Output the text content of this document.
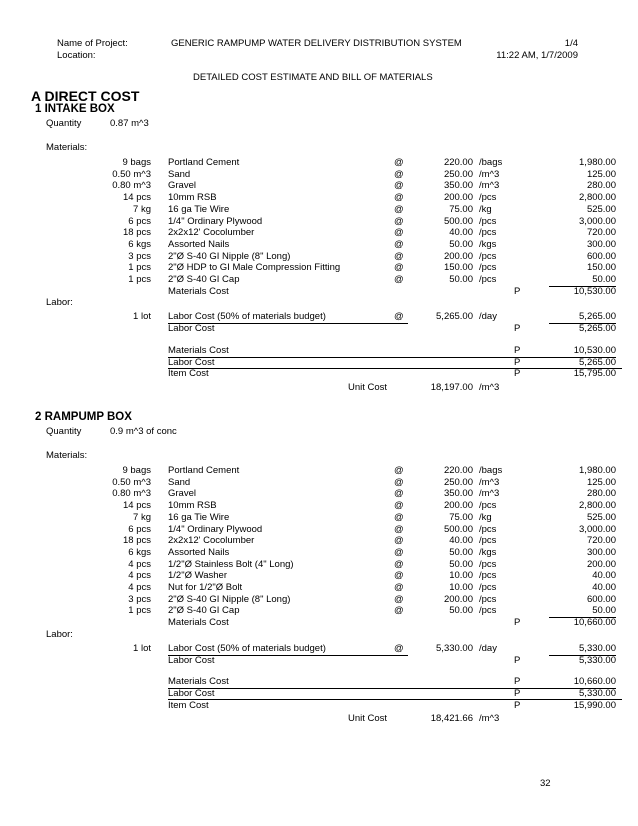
Name of Project:	GENERIC RAMPUMP WATER DELIVERY DISTRIBUTION SYSTEM	1/4
Location:	11:22 AM, 1/7/2009
DETAILED COST ESTIMATE AND BILL OF MATERIALS
A DIRECT COST
1 INTAKE BOX
Quantity	0.87 m^3
Materials:
9 bags Portland Cement	@	220.00 /bags	1,980.00
0.50 m^3 Sand	@	250.00 /m^3	125.00
0.80 m^3 Gravel	@	350.00 /m^3	280.00
14 pcs 10mm RSB	@	200.00 /pcs	2,800.00
7 kg 16 ga Tie Wire	@	75.00 /kg	525.00
6 pcs 1/4" Ordinary Plywood	@	500.00 /pcs	3,000.00
18 pcs 2x2x12' Cocolumber	@	40.00 /pcs	720.00
6 kgs Assorted Nails	@	50.00 /kgs	300.00
3 pcs 2"Ø S-40 GI Nipple (8" Long)	@	200.00 /pcs	600.00
1 pcs 2"Ø HDP to GI Male Compression Fitting	@	150.00 /pcs	150.00
1 pcs 2"Ø S-40 GI Cap	@	50.00 /pcs	50.00
Materials Cost	P	10,530.00
Labor:
1 lot Labor Cost (50% of materials budget)	@	5,265.00 /day	5,265.00
Labor Cost	P	5,265.00
Materials Cost	P	10,530.00
Labor Cost	P	5,265.00
Item Cost	P	15,795.00
Unit Cost	18,197.00 /m^3
2 RAMPUMP BOX
Quantity	0.9 m^3 of conc
Materials:
9 bags Portland Cement	@	220.00 /bags	1,980.00
0.50 m^3 Sand	@	250.00 /m^3	125.00
0.80 m^3 Gravel	@	350.00 /m^3	280.00
14 pcs 10mm RSB	@	200.00 /pcs	2,800.00
7 kg 16 ga Tie Wire	@	75.00 /kg	525.00
6 pcs 1/4" Ordinary Plywood	@	500.00 /pcs	3,000.00
18 pcs 2x2x12' Cocolumber	@	40.00 /pcs	720.00
6 kgs Assorted Nails	@	50.00 /kgs	300.00
4 pcs 1/2"Ø Stainless Bolt (4" Long)	@	50.00 /pcs	200.00
4 pcs 1/2"Ø Washer	@	10.00 /pcs	40.00
4 pcs Nut for 1/2"Ø Bolt	@	10.00 /pcs	40.00
3 pcs 2"Ø S-40 GI Nipple (8" Long)	@	200.00 /pcs	600.00
1 pcs 2"Ø S-40 GI Cap	@	50.00 /pcs	50.00
Materials Cost	P	10,660.00
Labor:
1 lot Labor Cost (50% of materials budget)	@	5,330.00 /day	5,330.00
Labor Cost	P	5,330.00
Materials Cost	P	10,660.00
Labor Cost	P	5,330.00
Item Cost	P	15,990.00
Unit Cost	18,421.66 /m^3
32
